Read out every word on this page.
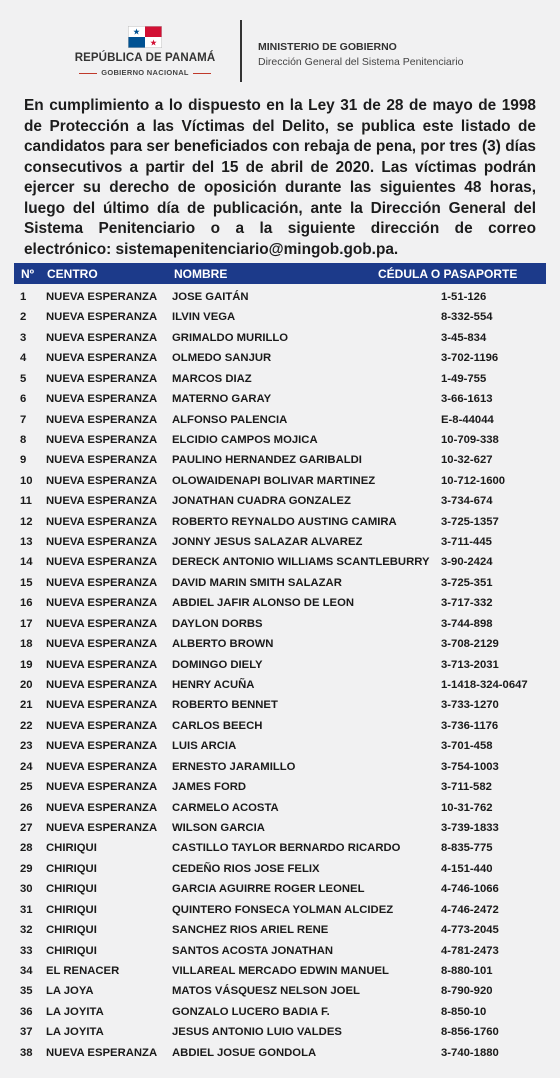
REPÚBLICA DE PANAMÁ
GOBIERNO NACIONAL
MINISTERIO DE GOBIERNO
Dirección General del Sistema Penitenciario
En cumplimiento a lo dispuesto en la Ley 31 de 28 de mayo de 1998 de Protección a las Víctimas del Delito, se publica este listado de candidatos para ser beneficiados con rebaja de pena, por tres (3) días consecutivos a partir del 15 de abril de 2020. Las víctimas podrán ejercer su derecho de oposición durante las siguientes 48 horas, luego del último día de publicación, ante la Dirección General del Sistema Penitenciario o a la siguiente dirección de correo electrónico: sistemapenitenciario@mingob.gob.pa.
Nº CENTRO	NOMBRE	CÉDULA O PASAPORTE
1 NUEVA ESPERANZA JOSE GAITÁN	1-51-126
2 NUEVA ESPERANZA ILVIN VEGA	8-332-554
3 NUEVA ESPERANZA GRIMALDO MURILLO	3-45-834
4 NUEVA ESPERANZA OLMEDO SANJUR	3-702-1196
5 NUEVA ESPERANZA MARCOS DIAZ	1-49-755
6 NUEVA ESPERANZA MATERNO GARAY	3-66-1613
7 NUEVA ESPERANZA ALFONSO PALENCIA	E-8-44044
8 NUEVA ESPERANZA ELCIDIO CAMPOS MOJICA	10-709-338
9 NUEVA ESPERANZA PAULINO HERNANDEZ GARIBALDI	10-32-627
10 NUEVA ESPERANZA OLOWAIDENAPI BOLIVAR MARTINEZ	10-712-1600
11 NUEVA ESPERANZA JONATHAN CUADRA GONZALEZ	3-734-674
12 NUEVA ESPERANZA ROBERTO REYNALDO AUSTING CAMIRA	3-725-1357
13 NUEVA ESPERANZA JONNY JESUS SALAZAR ALVAREZ	3-711-445
14 NUEVA ESPERANZA DERECK ANTONIO WILLIAMS SCANTLEBURRY 3-90-2424
15 NUEVA ESPERANZA DAVID MARIN SMITH SALAZAR	3-725-351
16 NUEVA ESPERANZA ABDIEL JAFIR ALONSO DE LEON	3-717-332
17 NUEVA ESPERANZA DAYLON DORBS	3-744-898
18 NUEVA ESPERANZA ALBERTO BROWN	3-708-2129
19 NUEVA ESPERANZA DOMINGO DIELY	3-713-2031
20 NUEVA ESPERANZA HENRY ACUÑA	1-1418-324-0647
21 NUEVA ESPERANZA ROBERTO BENNET	3-733-1270
22 NUEVA ESPERANZA CARLOS BEECH	3-736-1176
23 NUEVA ESPERANZA LUIS ARCIA	3-701-458
24 NUEVA ESPERANZA ERNESTO JARAMILLO	3-754-1003
25 NUEVA ESPERANZA JAMES FORD	3-711-582
26 NUEVA ESPERANZA CARMELO ACOSTA	10-31-762
27 NUEVA ESPERANZA WILSON GARCIA	3-739-1833
28 CHIRIQUI	CASTILLO TAYLOR BERNARDO RICARDO	8-835-775
29 CHIRIQUI	CEDEÑO RIOS JOSE FELIX	4-151-440
30 CHIRIQUI	GARCIA AGUIRRE ROGER LEONEL	4-746-1066
31 CHIRIQUI	QUINTERO FONSECA YOLMAN ALCIDEZ	4-746-2472
32 CHIRIQUI	SANCHEZ RIOS ARIEL RENE	4-773-2045
33 CHIRIQUI	SANTOS ACOSTA JONATHAN	4-781-2473
34 EL RENACER	VILLAREAL MERCADO EDWIN MANUEL	8-880-101
35 LA JOYA	MATOS VÁSQUESZ NELSON JOEL	8-790-920
36 LA JOYITA	GONZALO LUCERO BADIA F.	8-850-10
37 LA JOYITA	JESUS ANTONIO LUIO VALDES	8-856-1760
38 NUEVA ESPERANZA ABDIEL JOSUE GONDOLA	3-740-1880
